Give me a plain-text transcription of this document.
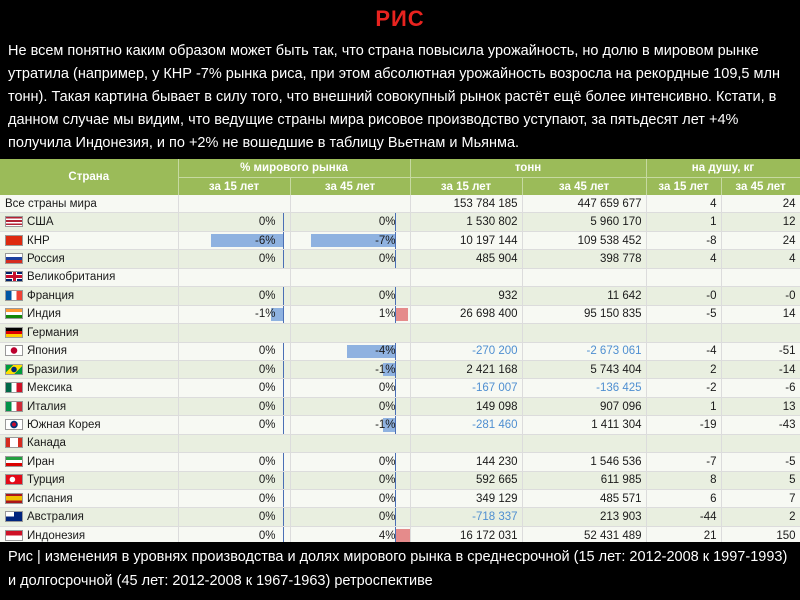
РИС
Не всем понятно каким образом может быть так, что страна повысила урожайность, но долю в мировом рынке утратила (например, у КНР -7% рынка риса, при этом абсолютная урожайность возросла на рекордные 109,5 млн тонн). Такая картина бывает в силу того, что внешний совокупный рынок растёт ещё более интенсивно. Кстати, в данном случае мы видим, что ведущие страны мира рисовое производство уступают, за пятьдесят лет +4% получила Индонезия, и по +2% не вошедшие в таблицу Вьетнам и Мьянма.
Страна	% мирового рынка		тонн		на душу, кг	
	за 15 лет	за 45 лет	за 15 лет	за 45 лет	за 15 лет	за 45 лет
Все страны мира			153 784 185	447 659 677	4	24
США	0%	0%	1 530 802	5 960 170	1	12
КНР	-6%	-7%	10 197 144	109 538 452	-8	24
Россия	0%	0%	485 904	398 778	4	4
Великобритания						
Франция	0%	0%	932	11 642	-0	-0
Индия	-1%	1%	26 698 400	95 150 835	-5	14
Германия						
Япония	0%	-4%	-270 200	-2 673 061	-4	-51
Бразилия	0%	-1%	2 421 168	5 743 404	2	-14
Мексика	0%	0%	-167 007	-136 425	-2	-6
Италия	0%	0%	149 098	907 096	1	13
Южная Корея	0%	-1%	-281 460	1 411 304	-19	-43
Канада						
Иран	0%	0%	144 230	1 546 536	-7	-5
Турция	0%	0%	592 665	611 985	8	5
Испания	0%	0%	349 129	485 571	6	7
Австралия	0%	0%	-718 337	213 903	-44	2
Индонезия	0%	4%	16 172 031	52 431 489	21	150

Рис | изменения в уровнях производства и долях мирового рынка в среднесрочной (15 лет: 2012-2008 к 1997-1993) и долгосрочной (45 лет: 2012-2008 к 1967-1963) ретроспективе
